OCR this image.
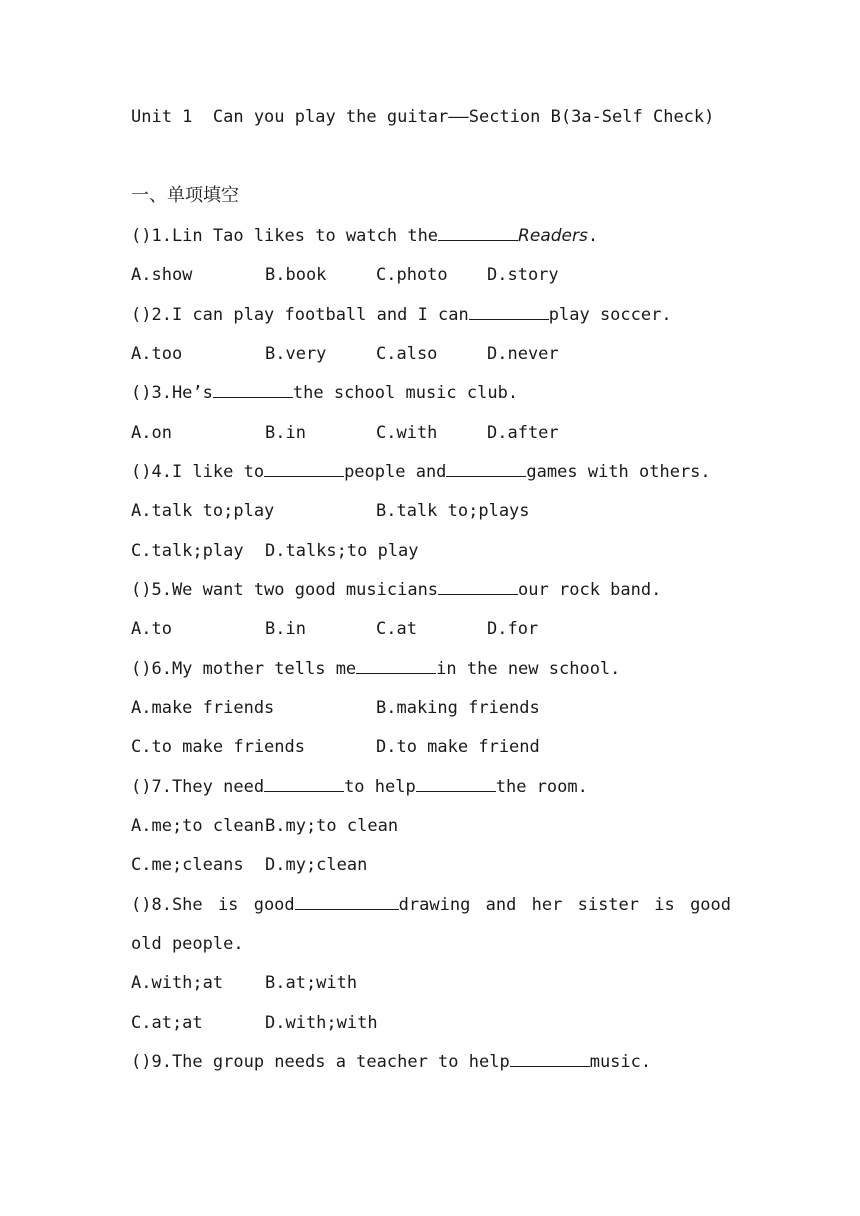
Unit 1  Can you play the guitar——Section B(3a-Self Check)
一、单项填空
()1.Lin Tao likes to watch the	Readers.
A.show	B.book	C.photo D.story
()2.I can play football and I can	play soccer.
A.too	B.very	C.also	D.never
()3.He’s	the school music club.
A.on	B.in	C.with	D.after
()4.I like to	people and	games with others.
A.talk to;play	B.talk to;plays
C.talk;play D.talks;to play
()5.We want two good musicians	our rock band.
A.to	B.in	C.at	D.for
()6.My mother tells me	in the new school.
A.make friends	B.making friends
C.to make friends	D.to make friend
()7.They need	to help	the room.
A.me;to clean B.my;to clean
C.me;cleans D.my;clean
()8.She is good	drawing and her sister is good
old people.
A.with;at B.at;with
C.at;at	D.with;with
()9.The group needs a teacher to help	music.
